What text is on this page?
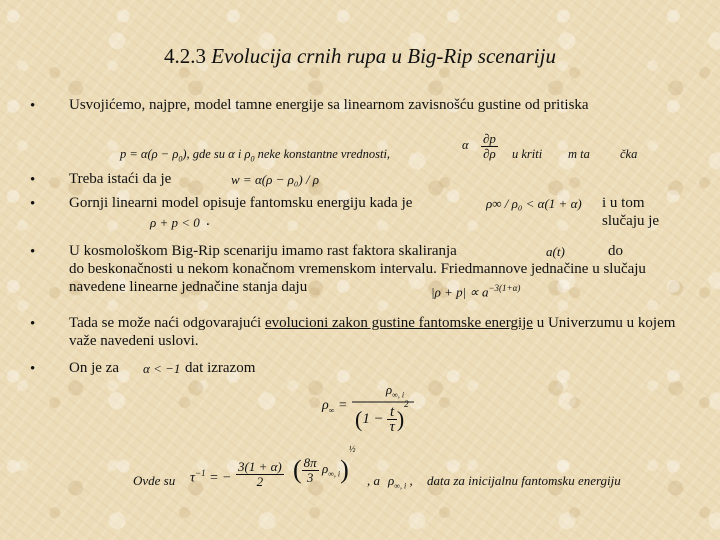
4.2.3 Evolucija crnih rupa u Big-Rip scenariju
• Usvojićemo, najpre, model tamne energije sa linearnom zavisnošću gustine od pritiska
$p = \alpha(\rho - \rho_0)$, gde su α i $\rho_0$ neke konstantne vrednosti,
α $\frac{\partial p}{\partial\rho}$ u kriti m ta čka
• Treba istaći da je	w = α(ρ − ρ₀) / ρ
• Gornji linearni model opisuje fantomsku energiju kada je	ρ∞ / ρ₀ < α(1 + α) i u tom slučaju je
ρ + p < 0 .
• U kosmološkom Big-Rip scenariju imamo rast faktora skaliranja	a(t)	do
do beskonačnosti u nekom konačnom vremenskom intervalu. Friedmannove jednačine u slučaju navedene linearne jednačine stanja daju	$|\rho + p| \propto a^{-3(1+\alpha)}$
• Tada se može naći odgovarajući evolucioni zakon gustine fantomske energije u Univerzumu u kojem važe navedeni uslovi.
• On je za	α < −1 dat izrazom
$\rho_\infty$ =
$\rho_{\infty, i}$
$(1 - \frac{t}{\tau} )^2$
Ovde su $\tau^{-1}$ = − $\frac{3(1 + \alpha)}{2}$ ( $\frac{8\pi}{3} \rho_{\infty, i})^{\frac{1}{2}}$
, a $\rho_{\infty, i}$ , data za inicijalnu fantomsku energiju
